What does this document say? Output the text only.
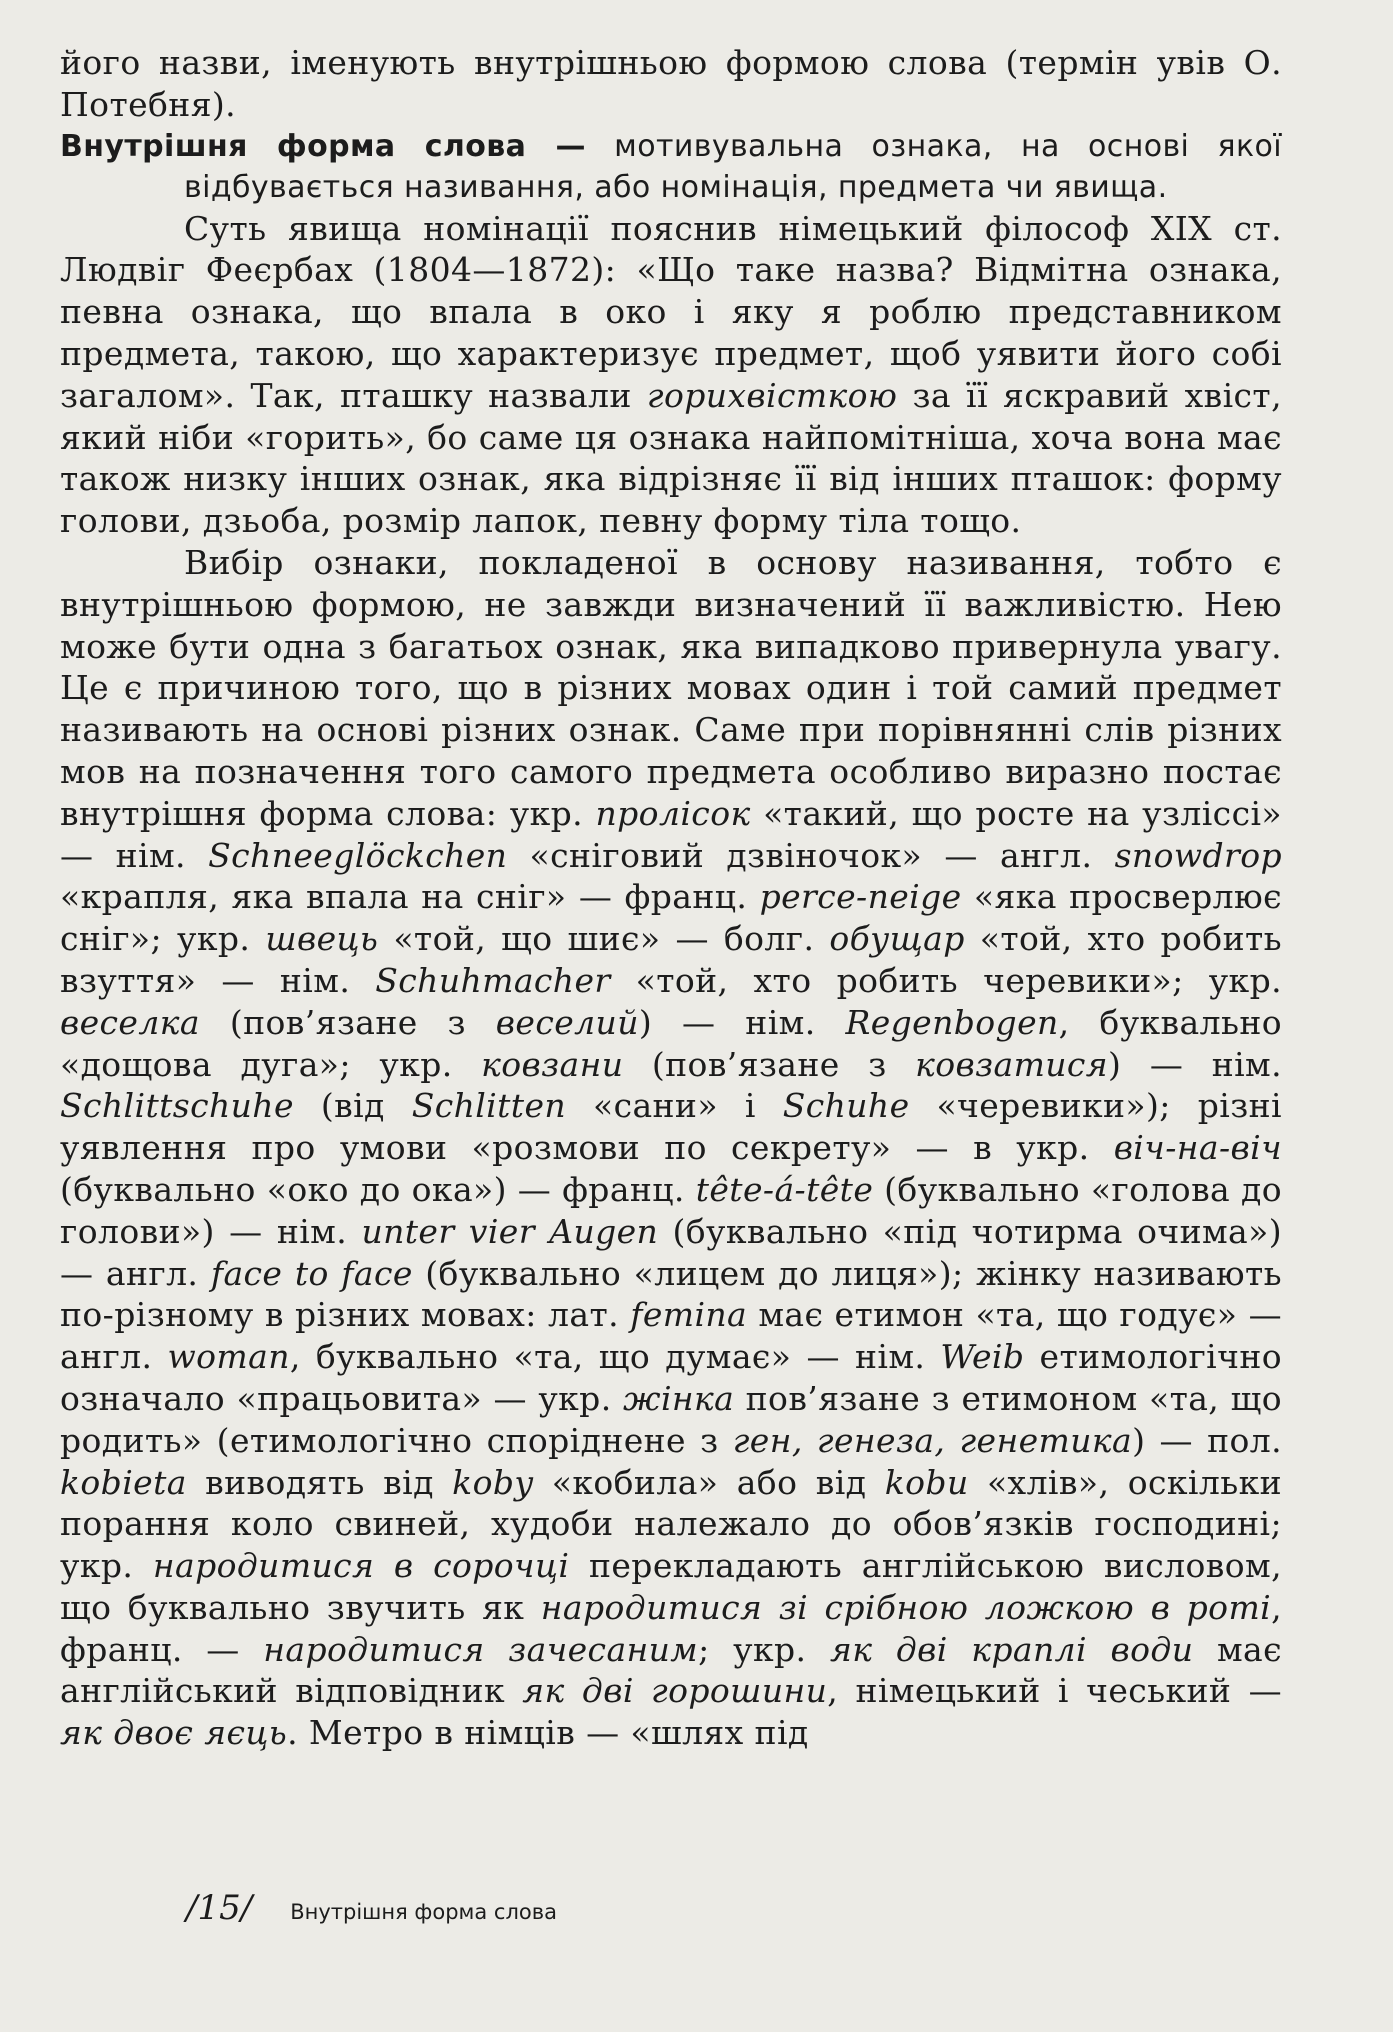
його назви, іменують внутрішньою формою слова (термін увів О. Потебня).

Внутрішня форма слова — мотивувальна ознака, на основі якої відбувається називання, або номінація, предмета чи явища.

Суть явища номінації пояснив німецький філософ XIX ст. Людвіг Феєрбах (1804—1872): «Що таке назва? Відмітна ознака, певна ознака, що впала в око і яку я роблю представником предмета, такою, що характеризує предмет, щоб уявити його собі загалом». Так, пташку назвали горихвісткою за її яскравий хвіст, який ніби «горить», бо саме ця ознака найпомітніша, хоча вона має також низку інших ознак, яка відрізняє її від інших пташок: форму голови, дзьоба, розмір лапок, певну форму тіла тощо.

Вибір ознаки, покладеної в основу називання, тобто є внутрішньою формою, не завжди визначений її важливістю. Нею може бути одна з багатьох ознак, яка випадково привернула увагу. Це є причиною того, що в різних мовах один і той самий предмет називають на основі різних ознак. Саме при порівнянні слів різних мов на позначення того самого предмета особливо виразно постає внутрішня форма слова: укр. пролісок «такий, що росте на узліссі» — нім. Schneeglöckchen «сніговий дзвіночок» — англ. snowdrop «крапля, яка впала на сніг» — франц. perce-neige «яка просверлює сніг»; укр. швець «той, що шиє» — болг. обущар «той, хто робить взуття» — нім. Schuhmacher «той, хто робить черевики»; укр. веселка (пов’язане з веселий) — нім. Regenbogen, буквально «дощова дуга»; укр. ковзани (пов’язане з ковзатися) — нім. Schlittschuhe (від Schlitten «сани» і Schuhe «черевики»); різні уявлення про умови «розмови по секрету» — в укр. віч-на-віч (буквально «око до ока») — франц. tête-á-tête (буквально «голова до голови») — нім. unter vier Augen (буквально «під чотирма очима») — англ. face to face (буквально «лицем до лиця»); жінку називають по-різному в різних мовах: лат. femina має етимон «та, що годує» — англ. woman, буквально «та, що думає» — нім. Weib етимологічно означало «працьовита» — укр. жінка пов’язане з етимоном «та, що родить» (етимологічно споріднене з ген, генеза, генетика) — пол. kobieta виводять від koby «кобила» або від kobu «хлів», оскільки порання коло свиней, худоби належало до обов’язків господині; укр. народитися в сорочці перекладають англійською висловом, що буквально звучить як народитися зі срібною ложкою в роті, франц. — народитися зачесаним; укр. як дві краплі води має англійський відповідник як дві горошини, німецький і чеський — як двоє яєць. Метро в німців — «шлях під

/15/ Внутрішня форма слова
